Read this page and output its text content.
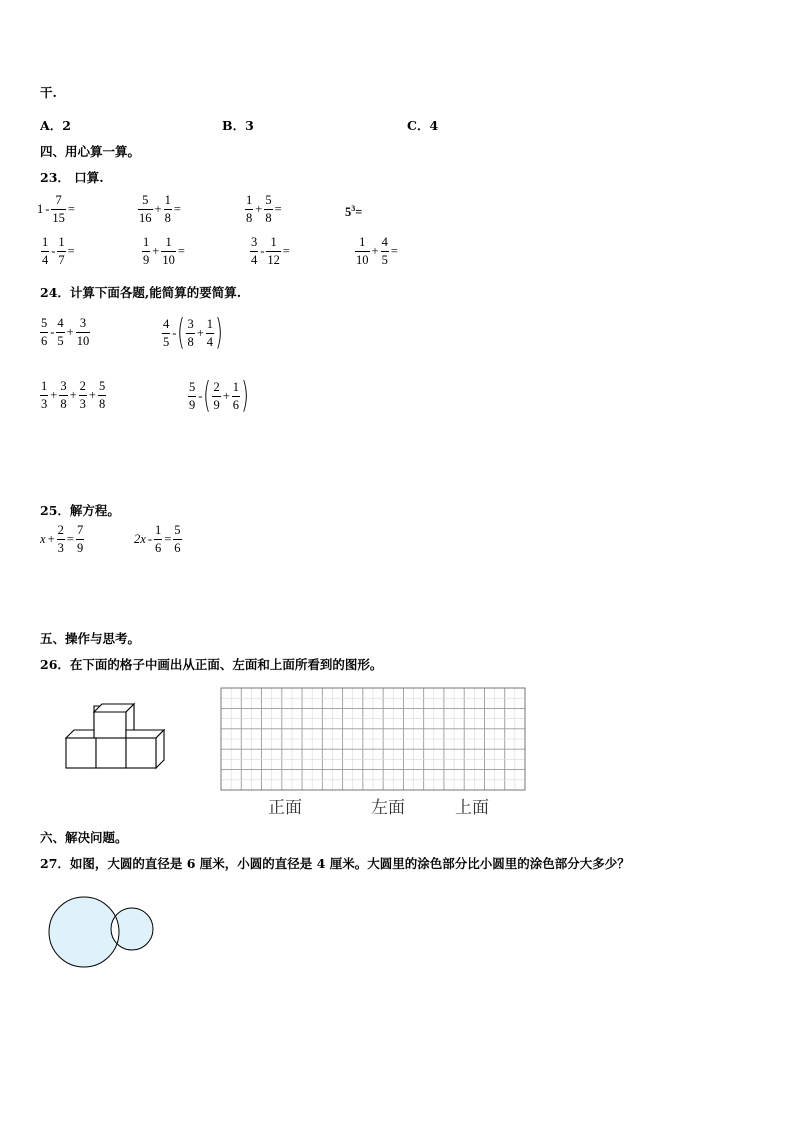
干.
A．2	B．3	C．4
四、用心算一算。
23． 口算.
$1 - \frac{7}{15}$ =	$\frac{5}{16} + \frac{1}{8}$ =	$\frac{1}{8} + \frac{5}{8}$ =	$5^3=$
$\frac{1}{4} - \frac{1}{7}$ =	$\frac{1}{9} + \frac{1}{10}$ =	$\frac{3}{4} - \frac{1}{12}$ =	$\frac{1}{10} + \frac{4}{5}$ =
24．计算下面各题,能简算的要简算.
$\frac{5}{6} - \frac{4}{5} + \frac{3}{10}$	$\frac{4}{5}$ -( $\frac{3}{8} + \frac{1}{4}$ )
$\frac{1}{3} + \frac{3}{8} + \frac{2}{3} + \frac{5}{8}$	$\frac{5}{9}$ -( $\frac{2}{9} + \frac{1}{6}$ )
25．解方程。
$x + \frac{2}{3} = \frac{7}{9}$	$2x - \frac{1}{6} = \frac{5}{6}$
五、操作与思考。
26．在下面的格子中画出从正面、左面和上面所看到的图形。
正面	左面	上面
六、解决问题。
27．如图，大圆的直径是 6 厘米，小圆的直径是 4 厘米。大圆里的涂色部分比小圆里的涂色部分大多少？
